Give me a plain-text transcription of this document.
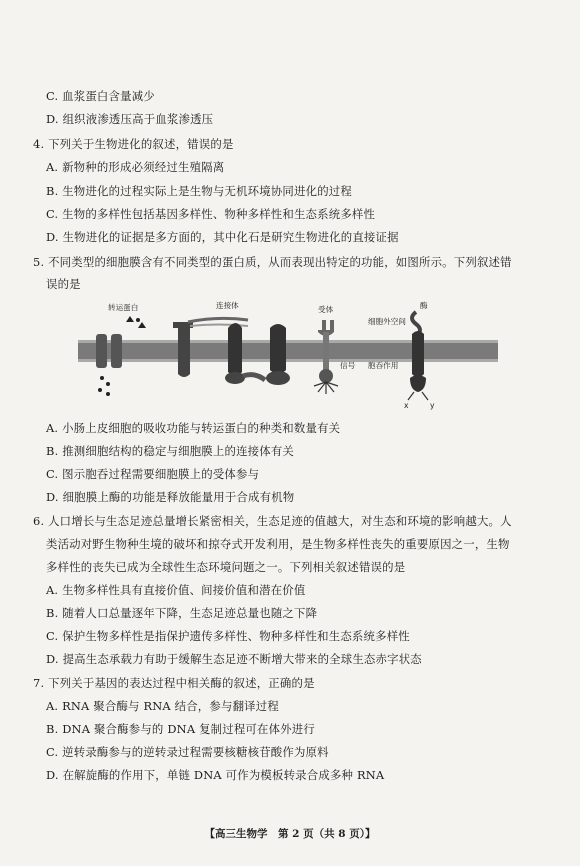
C. 血浆蛋白含量减少
D. 组织液渗透压高于血浆渗透压
4. 下列关于生物进化的叙述，错误的是
A. 新物种的形成必须经过生殖隔离
B. 生物进化的过程实际上是生物与无机环境协同进化的过程
C. 生物的多样性包括基因多样性、物种多样性和生态系统多样性
D. 生物进化的证据是多方面的，其中化石是研究生物进化的直接证据
5. 不同类型的细胞膜含有不同类型的蛋白质，从而表现出特定的功能，如图所示。下列叙述错
误的是
转运蛋白	连接体	受体
信号
细胞外空间
胞吞作用
酶
x	y
A. 小肠上皮细胞的吸收功能与转运蛋白的种类和数量有关
B. 推测细胞结构的稳定与细胞膜上的连接体有关
C. 图示胞吞过程需要细胞膜上的受体参与
D. 细胞膜上酶的功能是释放能量用于合成有机物
6. 人口增长与生态足迹总量增长紧密相关，生态足迹的值越大，对生态和环境的影响越大。人
类活动对野生物种生境的破坏和掠夺式开发利用，是生物多样性丧失的重要原因之一，生物
多样性的丧失已成为全球性生态环境问题之一。下列相关叙述错误的是
A. 生物多样性具有直接价值、间接价值和潜在价值
B. 随着人口总量逐年下降，生态足迹总量也随之下降
C. 保护生物多样性是指保护遗传多样性、物种多样性和生态系统多样性
D. 提高生态承载力有助于缓解生态足迹不断增大带来的全球生态赤字状态
7. 下列关于基因的表达过程中相关酶的叙述，正确的是
A. RNA 聚合酶与 RNA 结合，参与翻译过程
B. DNA 聚合酶参与的 DNA 复制过程可在体外进行
C. 逆转录酶参与的逆转录过程需要核糖核苷酸作为原料
D. 在解旋酶的作用下，单链 DNA 可作为模板转录合成多种 RNA
【高三生物学　第 2 页（共 8 页）】
